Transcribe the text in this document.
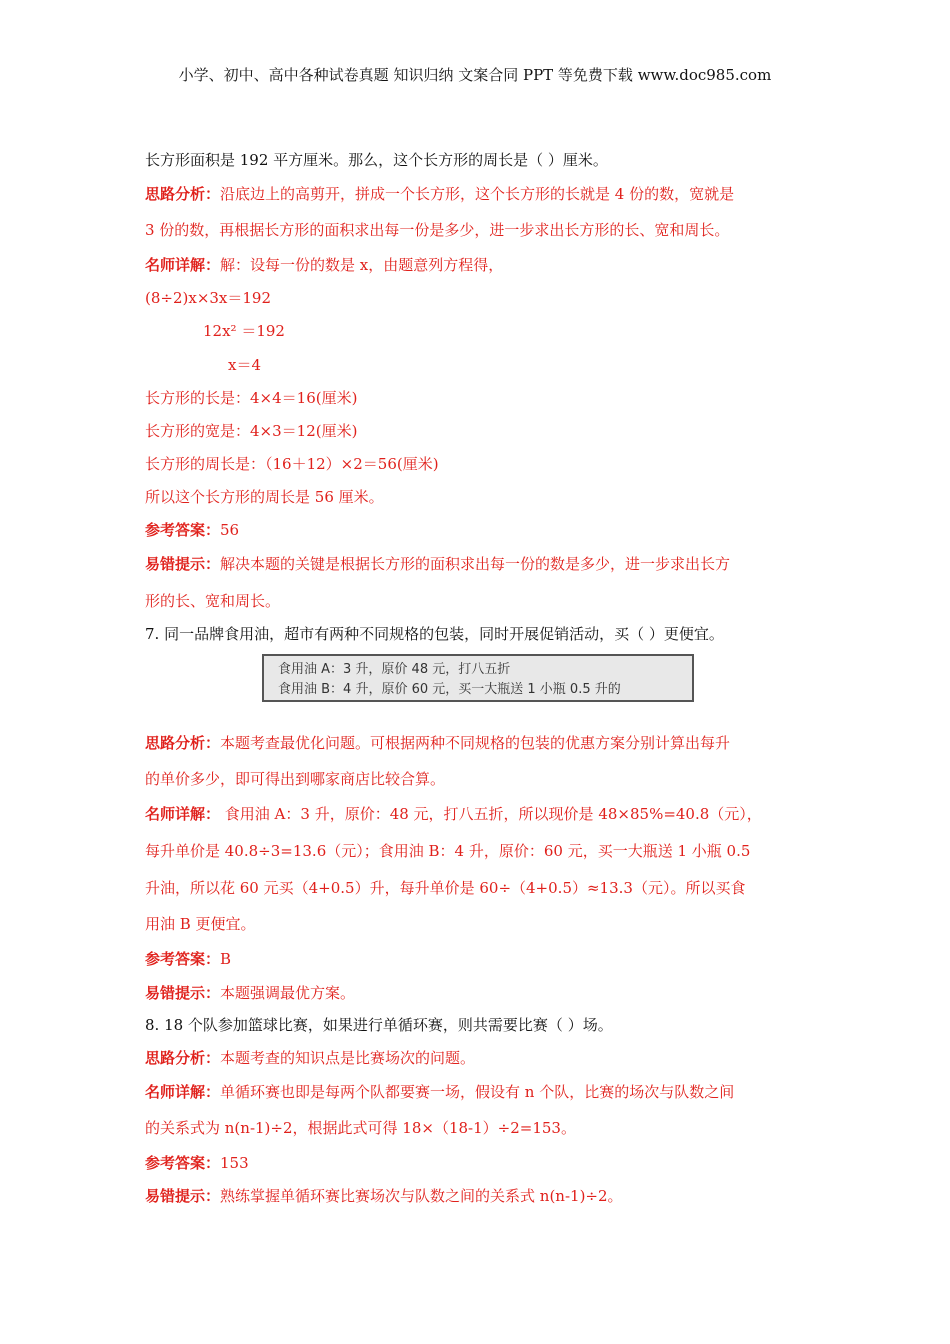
小学、初中、高中各种试卷真题 知识归纳 文案合同 PPT 等免费下载 www.doc985.com
长方形面积是 192 平方厘米。那么，这个长方形的周长是（ ）厘米。
思路分析：沿底边上的高剪开，拼成一个长方形，这个长方形的长就是 4 份的数，宽就是
3 份的数，再根据长方形的面积求出每一份是多少，进一步求出长方形的长、宽和周长。
名师详解：解：设每一份的数是 x，由题意列方程得，
(8÷2)x×3x＝192
12x² ＝192
x＝4
长方形的长是：4×4＝16(厘米)
长方形的宽是：4×3＝12(厘米)
长方形的周长是：（16＋12）×2＝56(厘米)
所以这个长方形的周长是 56 厘米。
参考答案：56
易错提示：解决本题的关键是根据长方形的面积求出每一份的数是多少，进一步求出长方
形的长、宽和周长。
7. 同一品牌食用油，超市有两种不同规格的包装，同时开展促销活动，买（ ）更便宜。
食用油 A：3 升，原价 48 元，打八五折
食用油 B：4 升，原价 60 元，买一大瓶送 1 小瓶 0.5 升的
思路分析：本题考查最优化问题。可根据两种不同规格的包装的优惠方案分别计算出每升
的单价多少，即可得出到哪家商店比较合算。
名师详解： 食用油 A：3 升，原价：48 元，打八五折，所以现价是 48×85%=40.8（元），
每升单价是 40.8÷3=13.6（元）；食用油 B：4 升，原价：60 元，买一大瓶送 1 小瓶 0.5
升油，所以花 60 元买（4+0.5）升，每升单价是 60÷（4+0.5）≈13.3（元）。所以买食
用油 B 更便宜。
参考答案：B
易错提示：本题强调最优方案。
8. 18 个队参加篮球比赛，如果进行单循环赛，则共需要比赛（ ）场。
思路分析：本题考查的知识点是比赛场次的问题。
名师详解：单循环赛也即是每两个队都要赛一场，假设有 n 个队，比赛的场次与队数之间
的关系式为 n(n-1)÷2，根据此式可得 18×（18-1）÷2=153。
参考答案：153
易错提示：熟练掌握单循环赛比赛场次与队数之间的关系式 n(n-1)÷2。
